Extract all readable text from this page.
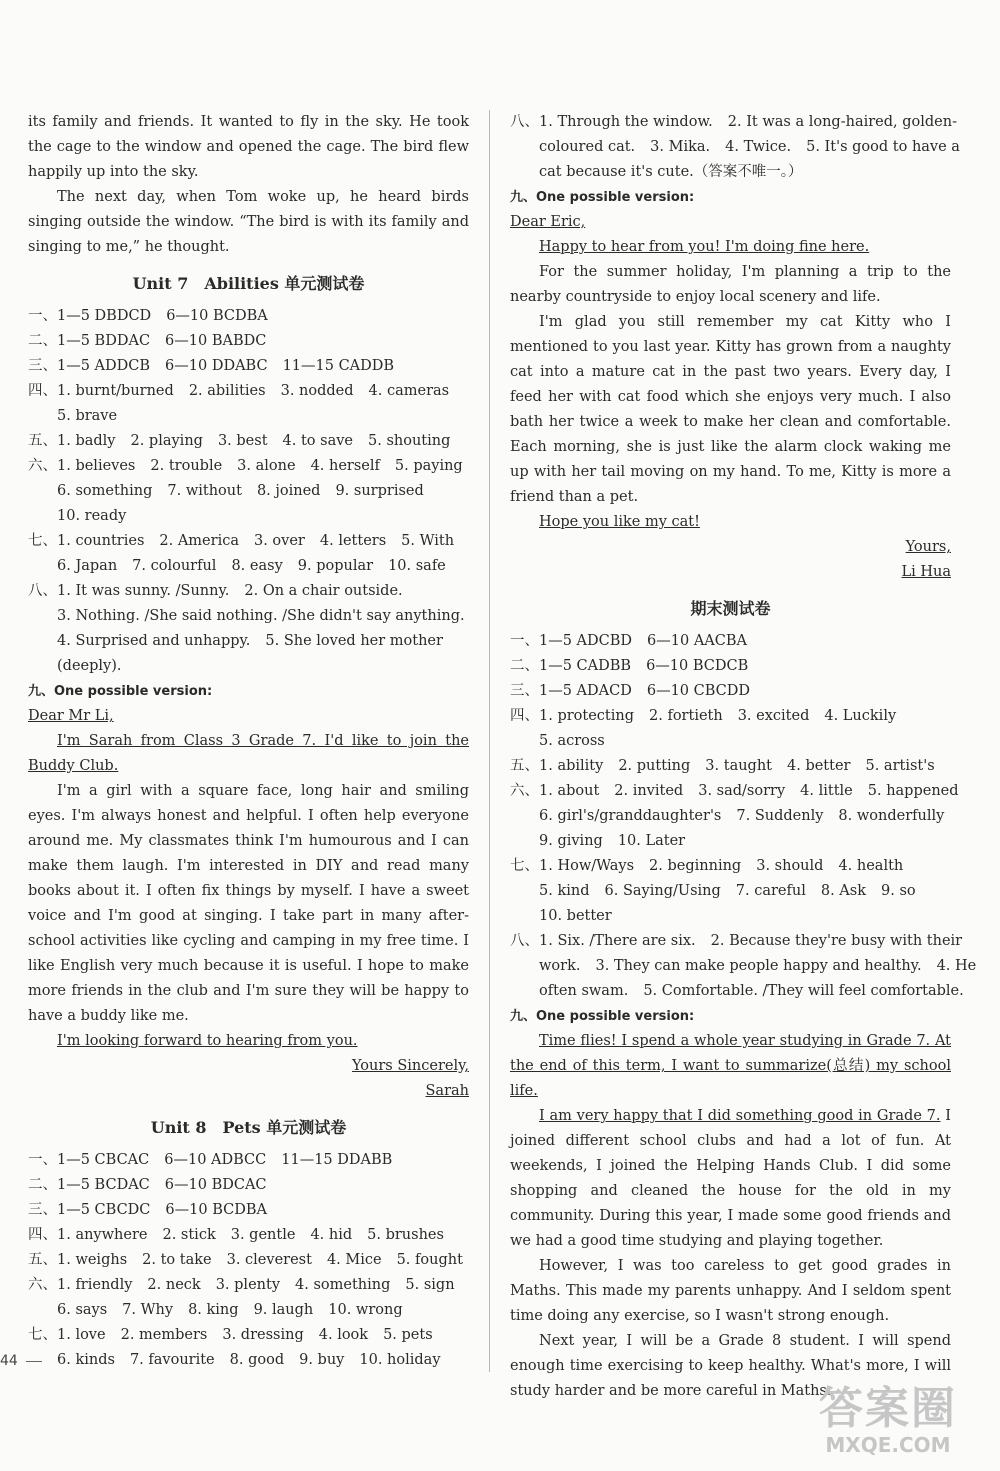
its family and friends. It wanted to fly in the sky. He took the cage to the window and opened the cage. The bird flew happily up into the sky.

The next day, when Tom woke up, he heard birds singing outside the window. “The bird is with its family and singing to me,” he thought.

Unit 7　Abilities 单元测试卷
一、1—5 DBDCD 6—10 BCDBA
二、1—5 BDDAC 6—10 BABDC
三、1—5 ADDCB 6—10 DDABC 11—15 CADDB
四、1. burnt/burned 2. abilities 3. nodded 4. cameras
　　5. brave
五、1. badly 2. playing 3. best 4. to save 5. shouting
六、1. believes 2. trouble 3. alone 4. herself 5. paying
　　6. something 7. without 8. joined 9. surprised
　　10. ready
七、1. countries 2. America 3. over 4. letters 5. With
　　6. Japan 7. colourful 8. easy 9. popular 10. safe
八、1. It was sunny. /Sunny. 2. On a chair outside.
　　3. Nothing. /She said nothing. /She didn't say anything.
　　4. Surprised and unhappy. 5. She loved her mother
　　(deeply).
九、One possible version:
Dear Mr Li,

I'm Sarah from Class 3 Grade 7. I'd like to join the Buddy Club.

I'm a girl with a square face, long hair and smiling eyes. I'm always honest and helpful. I often help everyone around me. My classmates think I'm humourous and I can make them laugh. I'm interested in DIY and read many books about it. I often fix things by myself. I have a sweet voice and I'm good at singing. I take part in many after-school activities like cycling and camping in my free time. I like English very much because it is useful. I hope to make more friends in the club and I'm sure they will be happy to have a buddy like me.

I'm looking forward to hearing from you.

Yours Sincerely,
Sarah
Unit 8　Pets 单元测试卷
一、1—5 CBCAC 6—10 ADBCC 11—15 DDABB
二、1—5 BCDAC 6—10 BDCAC
三、1—5 CBCDC 6—10 BCDBA
四、1. anywhere 2. stick 3. gentle 4. hid 5. brushes
五、1. weighs 2. to take 3. cleverest 4. Mice 5. fought
六、1. friendly 2. neck 3. plenty 4. something 5. sign
　　6. says 7. Why 8. king 9. laugh 10. wrong
七、1. love 2. members 3. dressing 4. look 5. pets
　　6. kinds 7. favourite 8. good 9. buy 10. holiday
八、1. Through the window. 2. It was a long-haired, golden-
　　coloured cat. 3. Mika. 4. Twice. 5. It's good to have a
　　cat because it's cute.（答案不唯一。）
九、One possible version:
Dear Eric,

Happy to hear from you! I'm doing fine here.

For the summer holiday, I'm planning a trip to the nearby countryside to enjoy local scenery and life.

I'm glad you still remember my cat Kitty who I mentioned to you last year. Kitty has grown from a naughty cat into a mature cat in the past two years. Every day, I feed her with cat food which she enjoys very much. I also bath her twice a week to make her clean and comfortable. Each morning, she is just like the alarm clock waking me up with her tail moving on my hand. To me, Kitty is more a friend than a pet.

Hope you like my cat!

Yours,
Li Hua
期末测试卷
一、1—5 ADCBD 6—10 AACBA
二、1—5 CADBB 6—10 BCDCB
三、1—5 ADACD 6—10 CBCDD
四、1. protecting 2. fortieth 3. excited 4. Luckily
　　5. across
五、1. ability 2. putting 3. taught 4. better 5. artist's
六、1. about 2. invited 3. sad/sorry 4. little 5. happened
　　6. girl's/granddaughter's 7. Suddenly 8. wonderfully
　　9. giving 10. Later
七、1. How/Ways 2. beginning 3. should 4. health
　　5. kind 6. Saying/Using 7. careful 8. Ask 9. so
　　10. better
八、1. Six. /There are six. 2. Because they're busy with their
　　work. 3. They can make people happy and healthy. 4. He
　　often swam. 5. Comfortable. /They will feel comfortable.
九、One possible version:

Time flies! I spend a whole year studying in Grade 7. At the end of this term, I want to summarize(总结) my school life.

I am very happy that I did something good in Grade 7. I joined different school clubs and had a lot of fun. At weekends, I joined the Helping Hands Club. I did some shopping and cleaned the house for the old in my community. During this year, I made some good friends and we had a good time studying and playing together.

However, I was too careless to get good grades in Maths. This made my parents unhappy. And I seldom spent time doing any exercise, so I wasn't strong enough.

Next year, I will be a Grade 8 student. I will spend enough time exercising to keep healthy. What's more, I will study harder and be more careful in Maths.

44
答案圈
MXQE.COM
